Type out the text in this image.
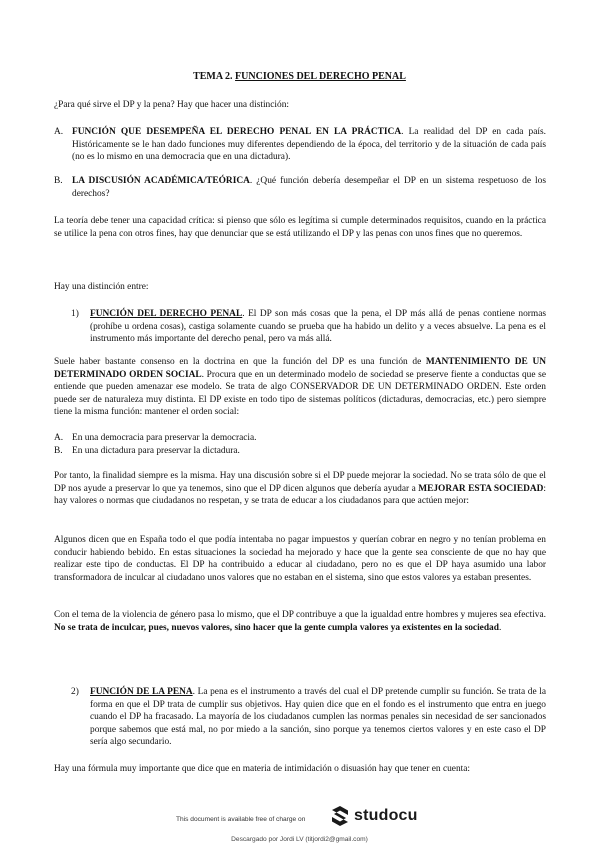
TEMA 2. FUNCIONES DEL DERECHO PENAL
¿Para qué sirve el DP y la pena? Hay que hacer una distinción:
A. FUNCIÓN QUE DESEMPEÑA EL DERECHO PENAL EN LA PRÁCTICA. La realidad del DP en cada país. Históricamente se le han dado funciones muy diferentes dependiendo de la época, del territorio y de la situación de cada país (no es lo mismo en una democracia que en una dictadura).
B. LA DISCUSIÓN ACADÉMICA/TEÓRICA. ¿Qué función debería desempeñar el DP en un sistema respetuoso de los derechos?
La teoría debe tener una capacidad crítica: si pienso que sólo es legítima si cumple determinados requisitos, cuando en la práctica se utilice la pena con otros fines, hay que denunciar que se está utilizando el DP y las penas con unos fines que no queremos.
Hay una distinción entre:
1) FUNCIÓN DEL DERECHO PENAL. El DP son más cosas que la pena, el DP más allá de penas contiene normas (prohíbe u ordena cosas), castiga solamente cuando se prueba que ha habido un delito y a veces absuelve. La pena es el instrumento más importante del derecho penal, pero va más allá.
Suele haber bastante consenso en la doctrina en que la función del DP es una función de MANTENIMIENTO DE UN DETERMINADO ORDEN SOCIAL. Procura que en un determinado modelo de sociedad se preserve fiente a conductas que se entiende que pueden amenazar ese modelo. Se trata de algo CONSERVADOR DE UN DETERMINADO ORDEN. Este orden puede ser de naturaleza muy distinta. El DP existe en todo tipo de sistemas políticos (dictaduras, democracias, etc.) pero siempre tiene la misma función: mantener el orden social:
A. En una democracia para preservar la democracia.
B. En una dictadura para preservar la dictadura.
Por tanto, la finalidad siempre es la misma. Hay una discusión sobre si el DP puede mejorar la sociedad. No se trata sólo de que el DP nos ayude a preservar lo que ya tenemos, sino que el DP dicen algunos que debería ayudar a MEJORAR ESTA SOCIEDAD: hay valores o normas que ciudadanos no respetan, y se trata de educar a los ciudadanos para que actúen mejor:
Algunos dicen que en España todo el que podía intentaba no pagar impuestos y querían cobrar en negro y no tenían problema en conducir habiendo bebido. En estas situaciones la sociedad ha mejorado y hace que la gente sea consciente de que no hay que realizar este tipo de conductas. El DP ha contribuido a educar al ciudadano, pero no es que el DP haya asumido una labor transformadora de inculcar al ciudadano unos valores que no estaban en el sistema, sino que estos valores ya estaban presentes.
Con el tema de la violencia de género pasa lo mismo, que el DP contribuye a que la igualdad entre hombres y mujeres sea efectiva. No se trata de inculcar, pues, nuevos valores, sino hacer que la gente cumpla valores ya existentes en la sociedad.
2) FUNCIÓN DE LA PENA. La pena es el instrumento a través del cual el DP pretende cumplir su función. Se trata de la forma en que el DP trata de cumplir sus objetivos. Hay quien dice que en el fondo es el instrumento que entra en juego cuando el DP ha fracasado. La mayoría de los ciudadanos cumplen las normas penales sin necesidad de ser sancionados porque sabemos que está mal, no por miedo a la sanción, sino porque ya tenemos ciertos valores y en este caso el DP sería algo secundario.
Hay una fórmula muy importante que dice que en materia de intimidación o disuasión hay que tener en cuenta:
This document is available free of charge on	studocu
Descargado por Jordi LV (titjordi2@gmail.com)
